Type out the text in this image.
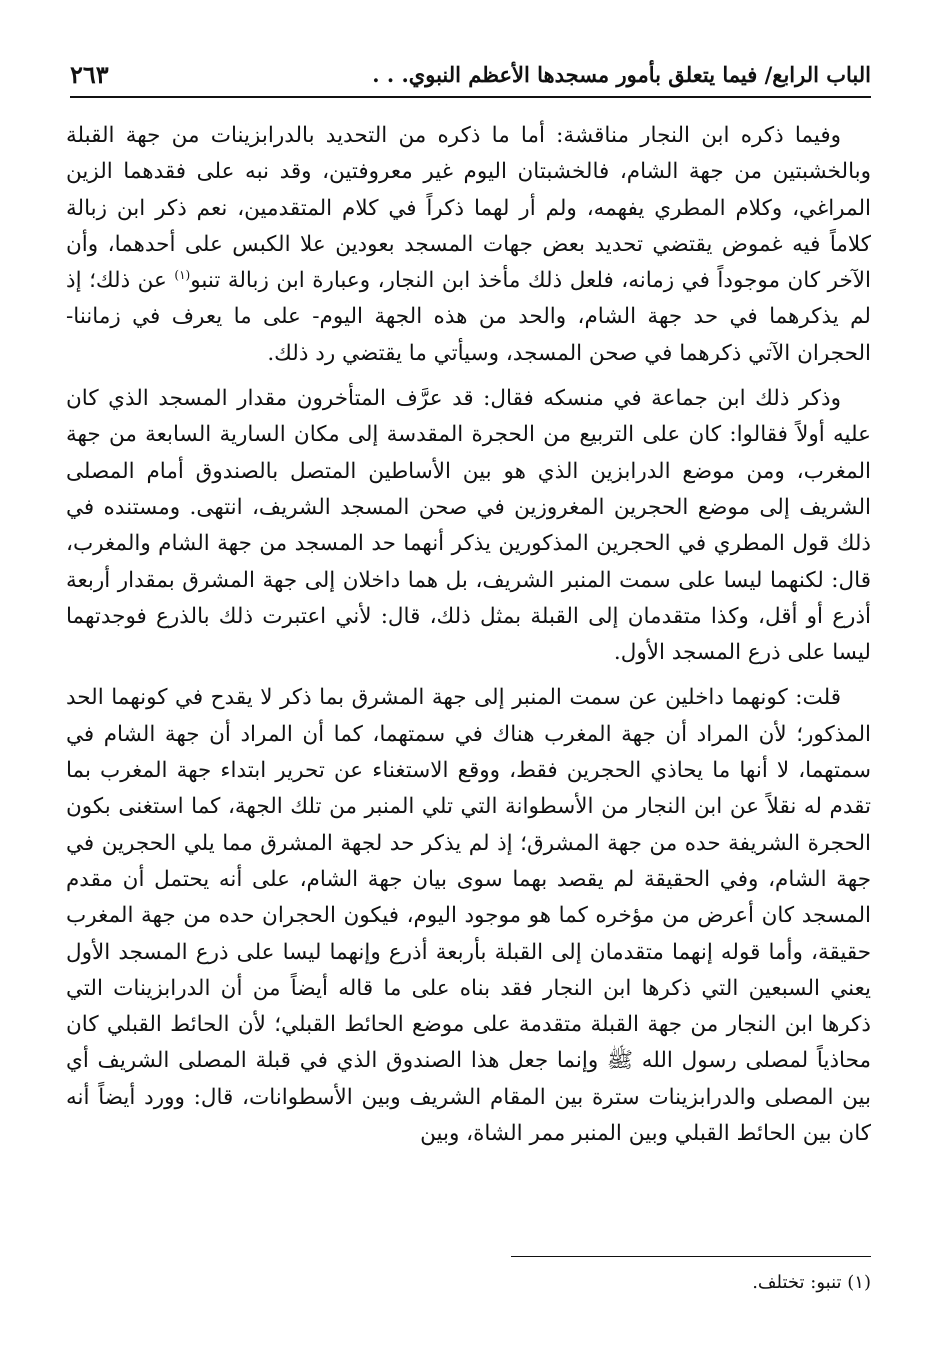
الباب الرابع/ فيما يتعلق بأمور مسجدها الأعظم النبوي. . .
٢٦٣

وفيما ذكره ابن النجار مناقشة: أما ما ذكره من التحديد بالدرابزينات من جهة القبلة وبالخشبتين من جهة الشام، فالخشبتان اليوم غير معروفتين، وقد نبه على فقدهما الزين المراغي، وكلام المطري يفهمه، ولم أر لهما ذكراً في كلام المتقدمين، نعم ذكر ابن زبالة كلاماً فيه غموض يقتضي تحديد بعض جهات المسجد بعودين علا الكبس على أحدهما، وأن الآخر كان موجوداً في زمانه، فلعل ذلك مأخذ ابن النجار، وعبارة ابن زبالة تنبو$^{(١)}$ عن ذلك؛ إذ لم يذكرهما في حد جهة الشام، والحد من هذه الجهة اليوم- على ما يعرف في زماننا- الحجران الآتي ذكرهما في صحن المسجد، وسيأتي ما يقتضي رد ذلك.

وذكر ذلك ابن جماعة في منسكه فقال: قد عرَّف المتأخرون مقدار المسجد الذي كان عليه أولاً فقالوا: كان على التربيع من الحجرة المقدسة إلى مكان السارية السابعة من جهة المغرب، ومن موضع الدرابزين الذي هو بين الأساطين المتصل بالصندوق أمام المصلى الشريف إلى موضع الحجرين المغروزين في صحن المسجد الشريف، انتهى. ومستنده في ذلك قول المطري في الحجرين المذكورين يذكر أنهما حد المسجد من جهة الشام والمغرب، قال: لكنهما ليسا على سمت المنبر الشريف، بل هما داخلان إلى جهة المشرق بمقدار أربعة أذرع أو أقل، وكذا متقدمان إلى القبلة بمثل ذلك، قال: لأني اعتبرت ذلك بالذرع فوجدتهما ليسا على ذرع المسجد الأول.

قلت: كونهما داخلين عن سمت المنبر إلى جهة المشرق بما ذكر لا يقدح في كونهما الحد المذكور؛ لأن المراد أن جهة المغرب هناك في سمتهما، كما أن المراد أن جهة الشام في سمتهما، لا أنها ما يحاذي الحجرين فقط، ووقع الاستغناء عن تحرير ابتداء جهة المغرب بما تقدم له نقلاً عن ابن النجار من الأسطوانة التي تلي المنبر من تلك الجهة، كما استغنى بكون الحجرة الشريفة حده من جهة المشرق؛ إذ لم يذكر حد لجهة المشرق مما يلي الحجرين في جهة الشام، وفي الحقيقة لم يقصد بهما سوى بيان جهة الشام، على أنه يحتمل أن مقدم المسجد كان أعرض من مؤخره كما هو موجود اليوم، فيكون الحجران حده من جهة المغرب حقيقة، وأما قوله إنهما متقدمان إلى القبلة بأربعة أذرع وإنهما ليسا على ذرع المسجد الأول يعني السبعين التي ذكرها ابن النجار فقد بناه على ما قاله أيضاً من أن الدرابزينات التي ذكرها ابن النجار من جهة القبلة متقدمة على موضع الحائط القبلي؛ لأن الحائط القبلي كان محاذياً لمصلى رسول الله ﷺ وإنما جعل هذا الصندوق الذي في قبلة المصلى الشريف أي بين المصلى والدرابزينات سترة بين المقام الشريف وبين الأسطوانات، قال: وورد أيضاً أنه كان بين الحائط القبلي وبين المنبر ممر الشاة، وبين

(١) تنبو: تختلف.
